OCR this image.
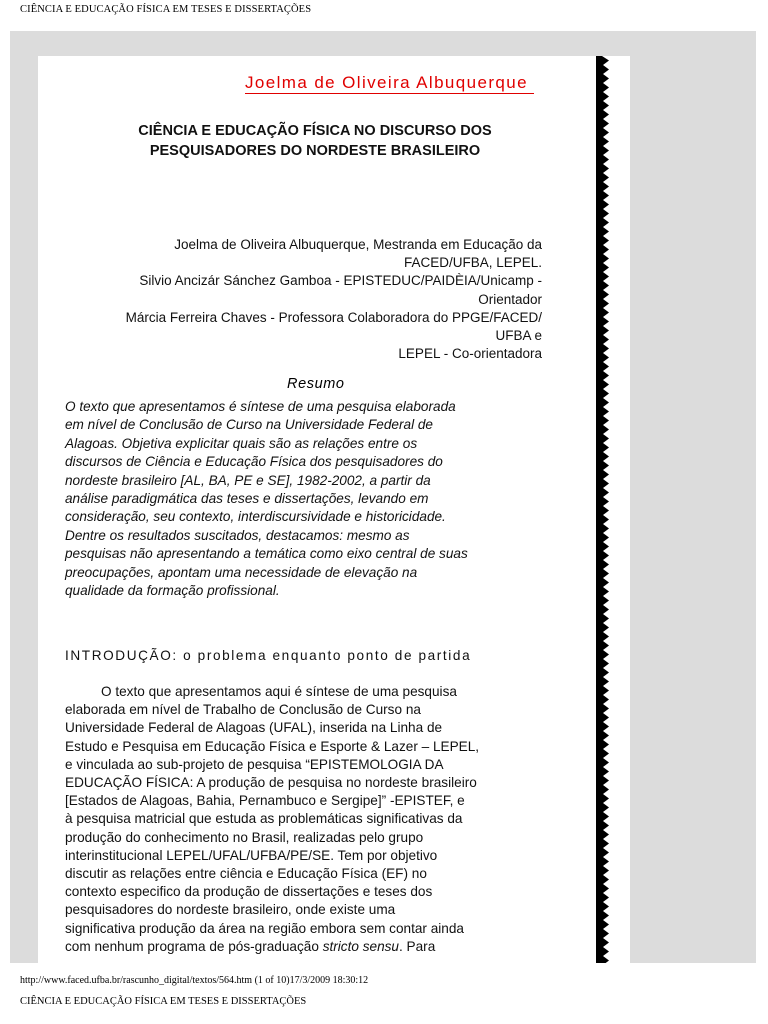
CIÊNCIA E EDUCAÇÃO FÍSICA EM TESES E DISSERTAÇÕES
Joelma de Oliveira Albuquerque
CIÊNCIA E EDUCAÇÃO FÍSICA NO DISCURSO DOS
PESQUISADORES DO NORDESTE BRASILEIRO
Joelma de Oliveira Albuquerque, Mestranda em Educação da
FACED/UFBA, LEPEL.
Silvio Ancizár Sánchez Gamboa - EPISTEDUC/PAIDÈIA/Unicamp -
Orientador
Márcia Ferreira Chaves - Professora Colaboradora do PPGE/FACED/
UFBA e
LEPEL - Co-orientadora
Resumo
O texto que apresentamos é síntese de uma pesquisa elaborada
em nível de Conclusão de Curso na Universidade Federal de
Alagoas. Objetiva explicitar quais são as relações entre os
discursos de Ciência e Educação Física dos pesquisadores do
nordeste brasileiro [AL, BA, PE e SE], 1982-2002, a partir da
análise paradigmática das teses e dissertações, levando em
consideração, seu contexto, interdiscursividade e historicidade.
Dentre os resultados suscitados, destacamos: mesmo as
pesquisas não apresentando a temática como eixo central de suas
preocupações, apontam uma necessidade de elevação na
qualidade da formação profissional.
INTRODUÇÃO: o problema enquanto ponto de partida
O texto que apresentamos aqui é síntese de uma pesquisa
elaborada em nível de Trabalho de Conclusão de Curso na
Universidade Federal de Alagoas (UFAL), inserida na Linha de
Estudo e Pesquisa em Educação Física e Esporte & Lazer – LEPEL,
e vinculada ao sub-projeto de pesquisa “EPISTEMOLOGIA DA
EDUCAÇÃO FÍSICA: A produção de pesquisa no nordeste brasileiro
[Estados de Alagoas, Bahia, Pernambuco e Sergipe]” -EPISTEF, e
à pesquisa matricial que estuda as problemáticas significativas da
produção do conhecimento no Brasil, realizadas pelo grupo
interinstitucional LEPEL/UFAL/UFBA/PE/SE. Tem por objetivo
discutir as relações entre ciência e Educação Física (EF) no
contexto especifico da produção de dissertações e teses dos
pesquisadores do nordeste brasileiro, onde existe uma
significativa produção da área na região embora sem contar ainda
com nenhum programa de pós-graduação stricto sensu. Para
http://www.faced.ufba.br/rascunho_digital/textos/564.htm (1 of 10)17/3/2009 18:30:12
CIÊNCIA E EDUCAÇÃO FÍSICA EM TESES E DISSERTAÇÕES
